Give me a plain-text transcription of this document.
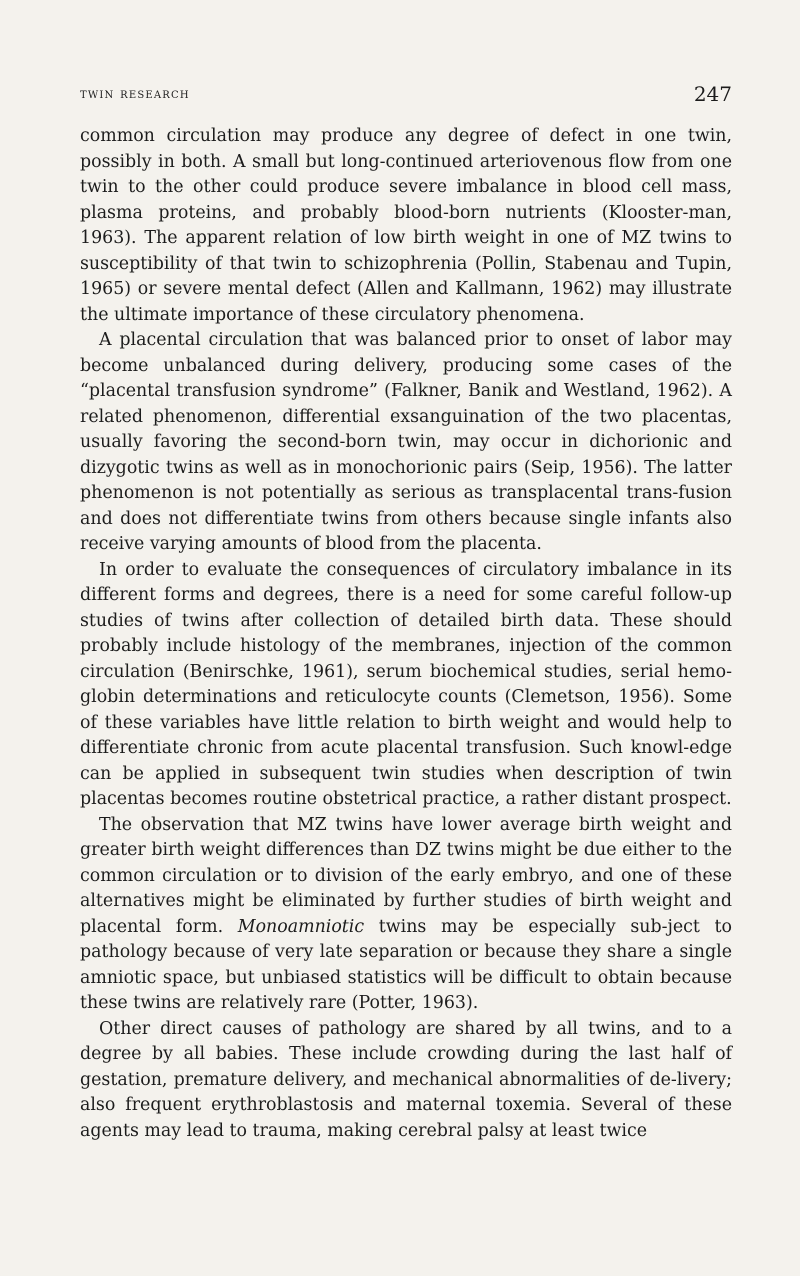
twin research	247

common circulation may produce any degree of defect in one twin, possibly in both. A small but long-continued arteriovenous flow from one twin to the other could produce severe imbalance in blood cell mass, plasma proteins, and probably blood-born nutrients (Klooster-man, 1963). The apparent relation of low birth weight in one of MZ twins to susceptibility of that twin to schizophrenia (Pollin, Stabenau and Tupin, 1965) or severe mental defect (Allen and Kallmann, 1962) may illustrate the ultimate importance of these circulatory phenomena.

A placental circulation that was balanced prior to onset of labor may become unbalanced during delivery, producing some cases of the “placental transfusion syndrome” (Falkner, Banik and Westland, 1962). A related phenomenon, differential exsanguination of the two placentas, usually favoring the second-born twin, may occur in dichorionic and dizygotic twins as well as in monochorionic pairs (Seip, 1956). The latter phenomenon is not potentially as serious as transplacental trans-fusion and does not differentiate twins from others because single infants also receive varying amounts of blood from the placenta.

In order to evaluate the consequences of circulatory imbalance in its different forms and degrees, there is a need for some careful follow-up studies of twins after collection of detailed birth data. These should probably include histology of the membranes, injection of the common circulation (Benirschke, 1961), serum biochemical studies, serial hemo-globin determinations and reticulocyte counts (Clemetson, 1956). Some of these variables have little relation to birth weight and would help to differentiate chronic from acute placental transfusion. Such knowl-edge can be applied in subsequent twin studies when description of twin placentas becomes routine obstetrical practice, a rather distant prospect.

The observation that MZ twins have lower average birth weight and greater birth weight differences than DZ twins might be due either to the common circulation or to division of the early embryo, and one of these alternatives might be eliminated by further studies of birth weight and placental form. Monoamniotic twins may be especially sub-ject to pathology because of very late separation or because they share a single amniotic space, but unbiased statistics will be difficult to obtain because these twins are relatively rare (Potter, 1963).

Other direct causes of pathology are shared by all twins, and to a degree by all babies. These include crowding during the last half of gestation, premature delivery, and mechanical abnormalities of de-livery; also frequent erythroblastosis and maternal toxemia. Several of these agents may lead to trauma, making cerebral palsy at least twice
